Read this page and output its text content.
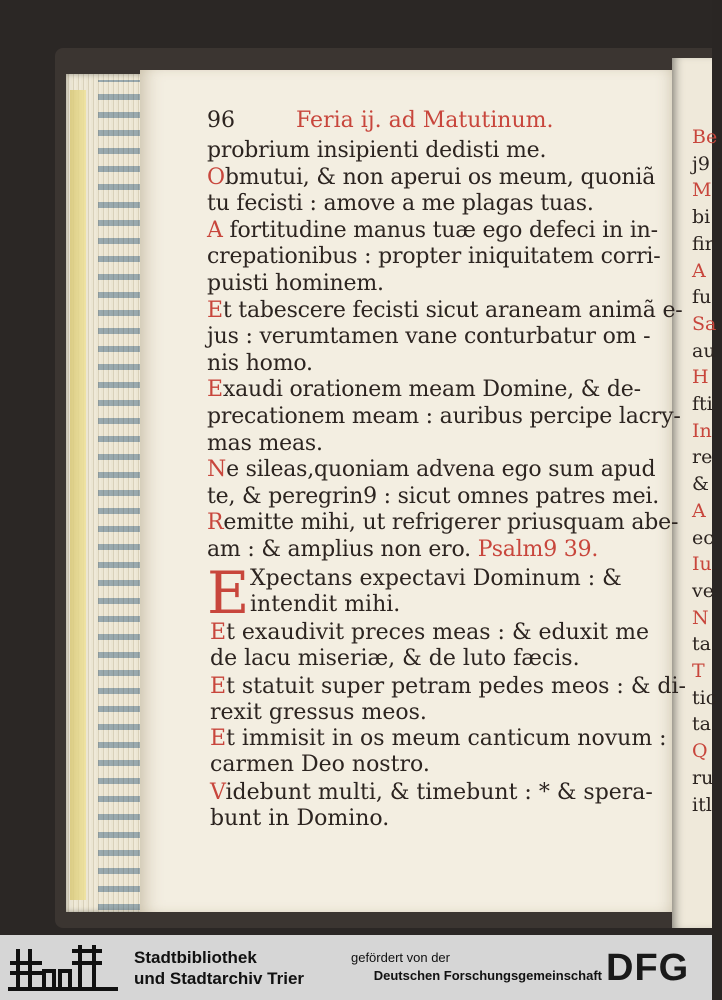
Be
j9 :
M
bi
fir
A
fu
Sa
au
H
fti
In
re
&
A
ec
Iu
ve
N
ta
T
tic
ta
Q
ru
itl
96	Feria ij. ad Matutinum.
probrium insipienti dedisti me.
Obmutui, & non aperui os meum, quoniã
tu fecisti : amove a me plagas tuas.
A fortitudine manus tuæ ego defeci in in-
crepationibus : propter iniquitatem corri-
puisti hominem.
Et tabescere fecisti sicut araneam animã e-
jus : verumtamen vane conturbatur om -
nis homo.
Exaudi orationem meam Domine, & de-
precationem meam : auribus percipe lacry-
mas meas.
Ne sileas,quoniam advena ego sum apud
te, & peregrin9 : sicut omnes patres mei.
Remitte mihi, ut refrigerer priusquam abe-
am : & amplius non ero. Psalm9 39.
E Xpectans expectavi Dominum : &
intendit mihi.
Et exaudivit preces meas : & eduxit me
de lacu miseriæ, & de luto fæcis.
Et statuit super petram pedes meos : & di-
rexit gressus meos.
Et immisit in os meum canticum novum :
carmen Deo nostro.
Videbunt multi, & timebunt : * & spera-
bunt in Domino.
Stadtbibliothek
und Stadtarchiv Trier
gefördert von der
Deutschen Forschungsgemeinschaft DFG
